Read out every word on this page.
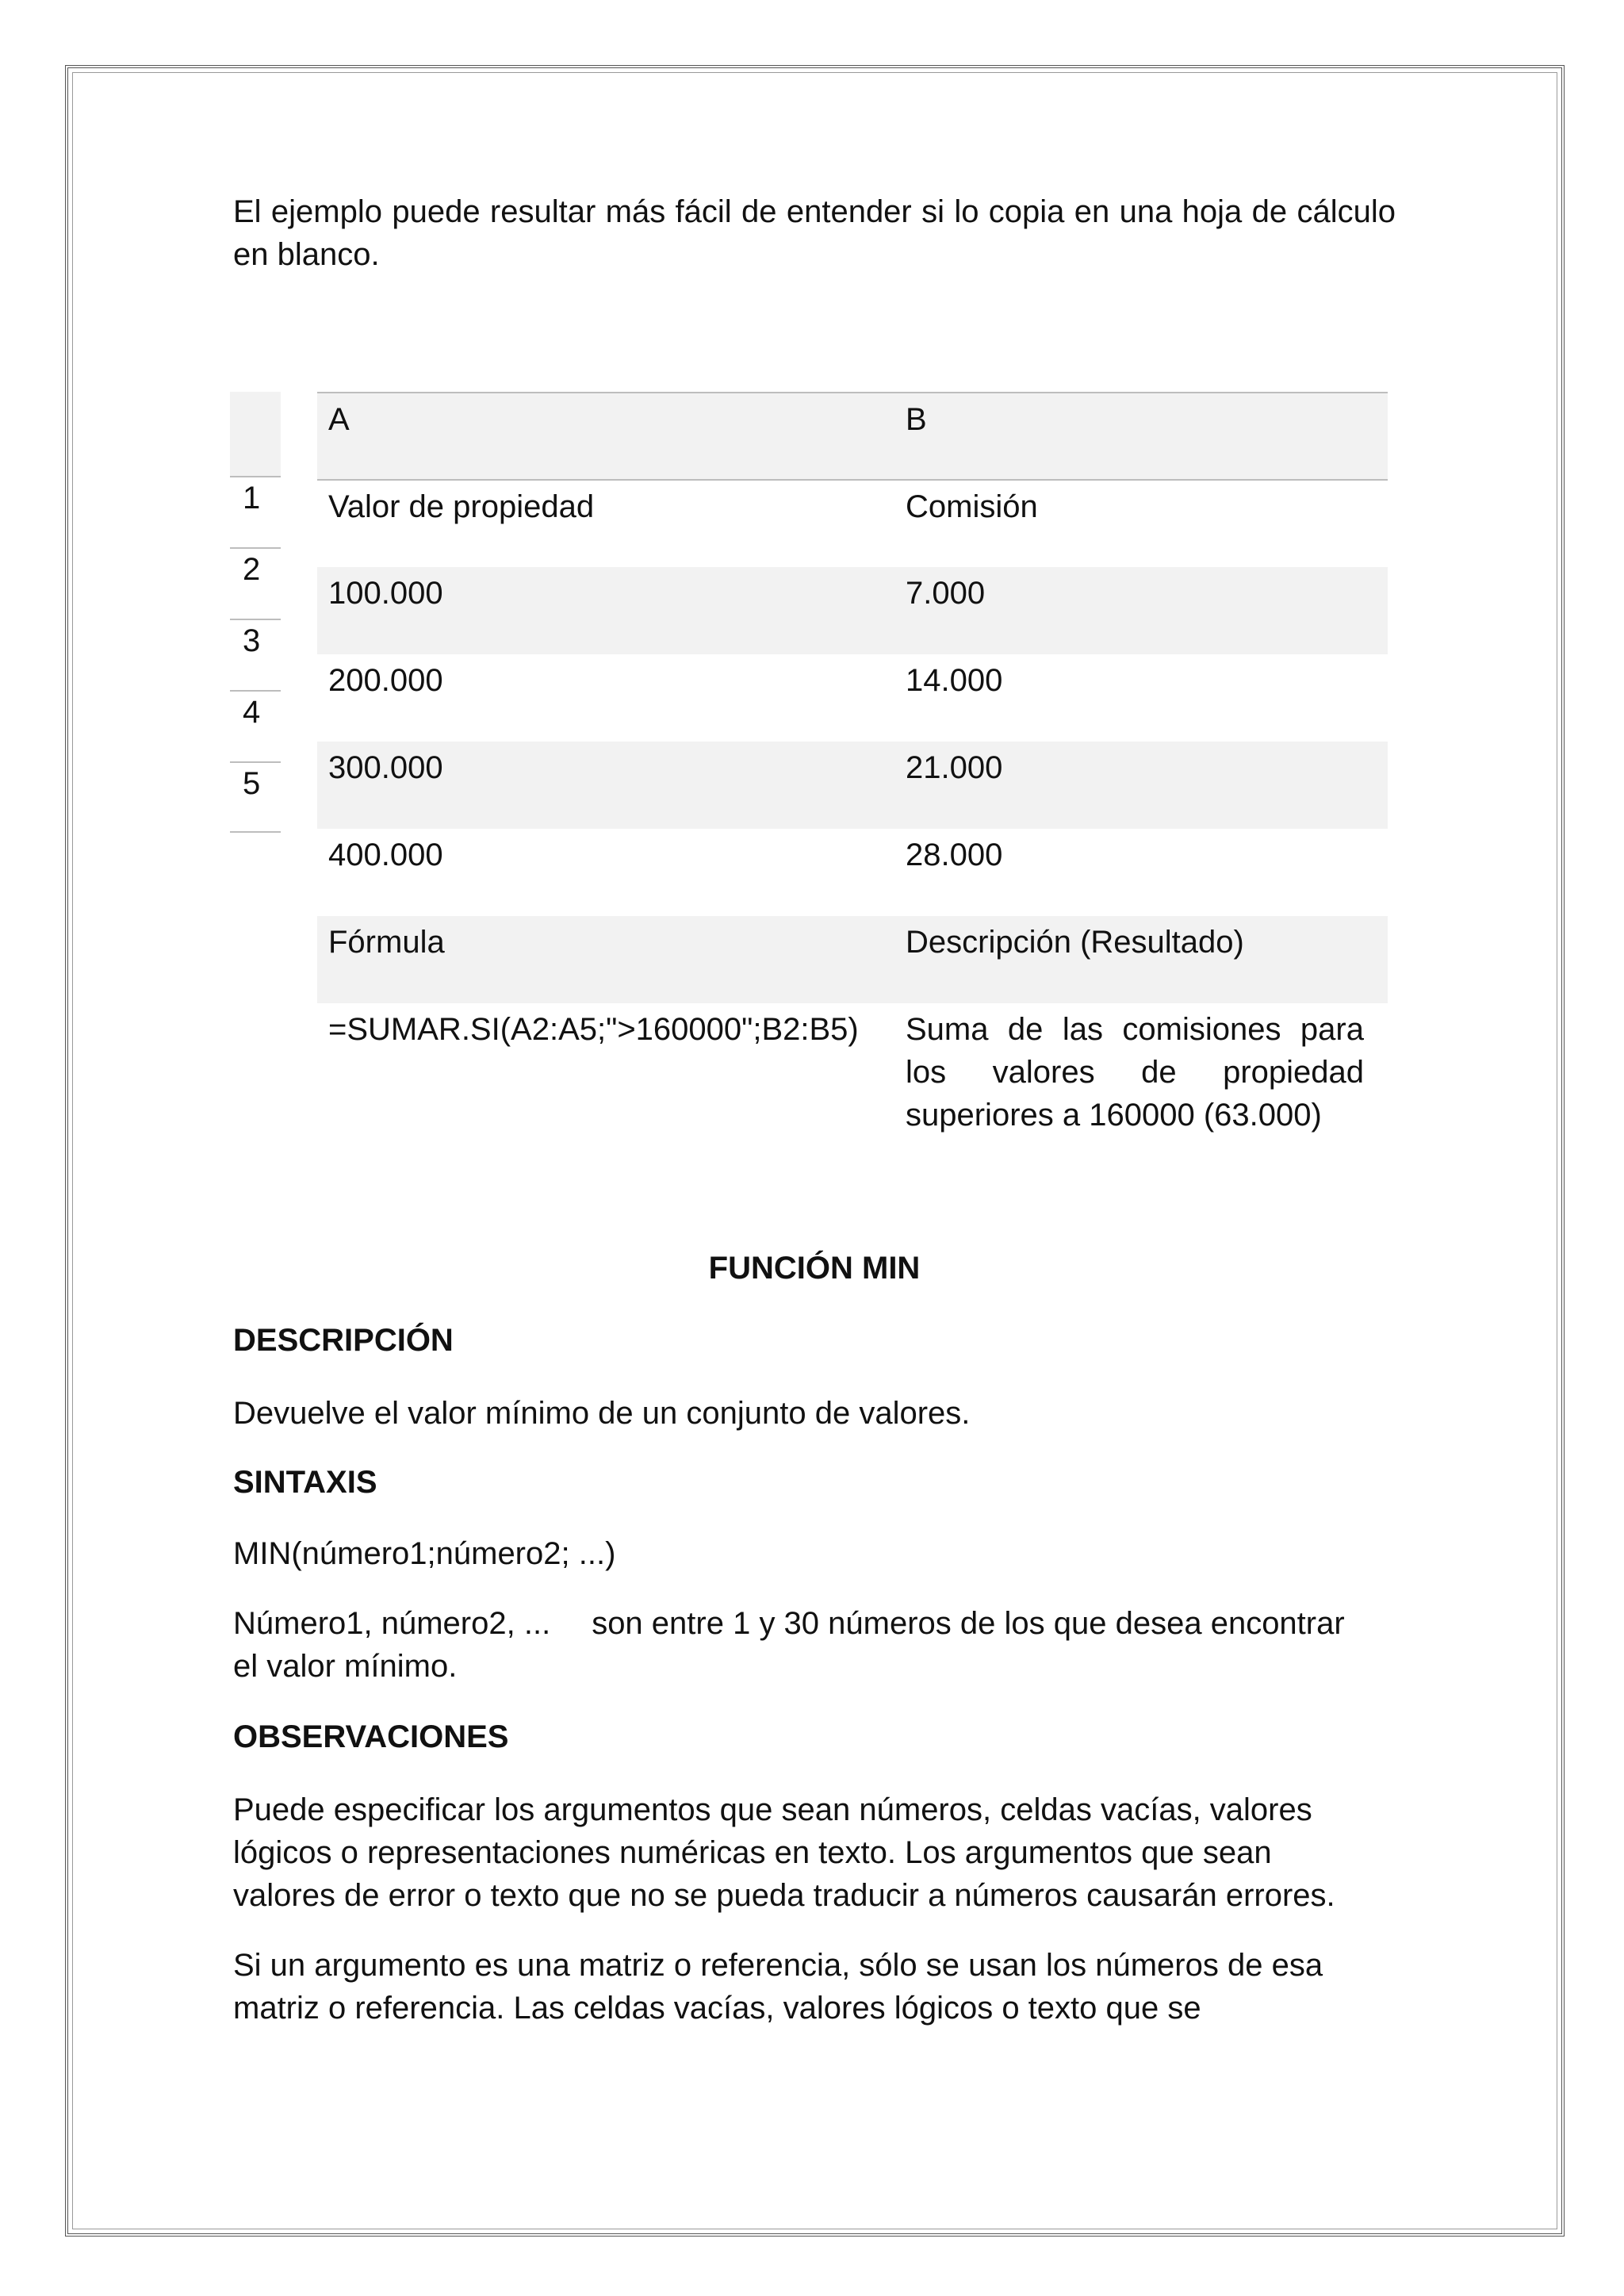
El ejemplo puede resultar más fácil de entender si lo copia en una hoja de cálculo en blanco.

1
2
3
4
5
A	B
Valor de propiedad	Comisión
100.000	7.000
200.000	14.000
300.000	21.000
400.000	28.000
Fórmula	Descripción (Resultado)
=SUMAR.SI(A2:A5;">160000";B2:B5)	Suma de las comisiones para los valores de propiedad superiores a 160000 (63.000)
FUNCIÓN MIN
DESCRIPCIÓN

Devuelve el valor mínimo de un conjunto de valores.

SINTAXIS

MIN(número1;número2; ...)

Número1, número2, ... son entre 1 y 30 números de los que desea encontrar
el valor mínimo.

OBSERVACIONES

Puede especificar los argumentos que sean números, celdas vacías, valores lógicos o representaciones numéricas en texto. Los argumentos que sean valores de error o texto que no se pueda traducir a números causarán errores.

Si un argumento es una matriz o referencia, sólo se usan los números de esa matriz o referencia. Las celdas vacías, valores lógicos o texto que se
